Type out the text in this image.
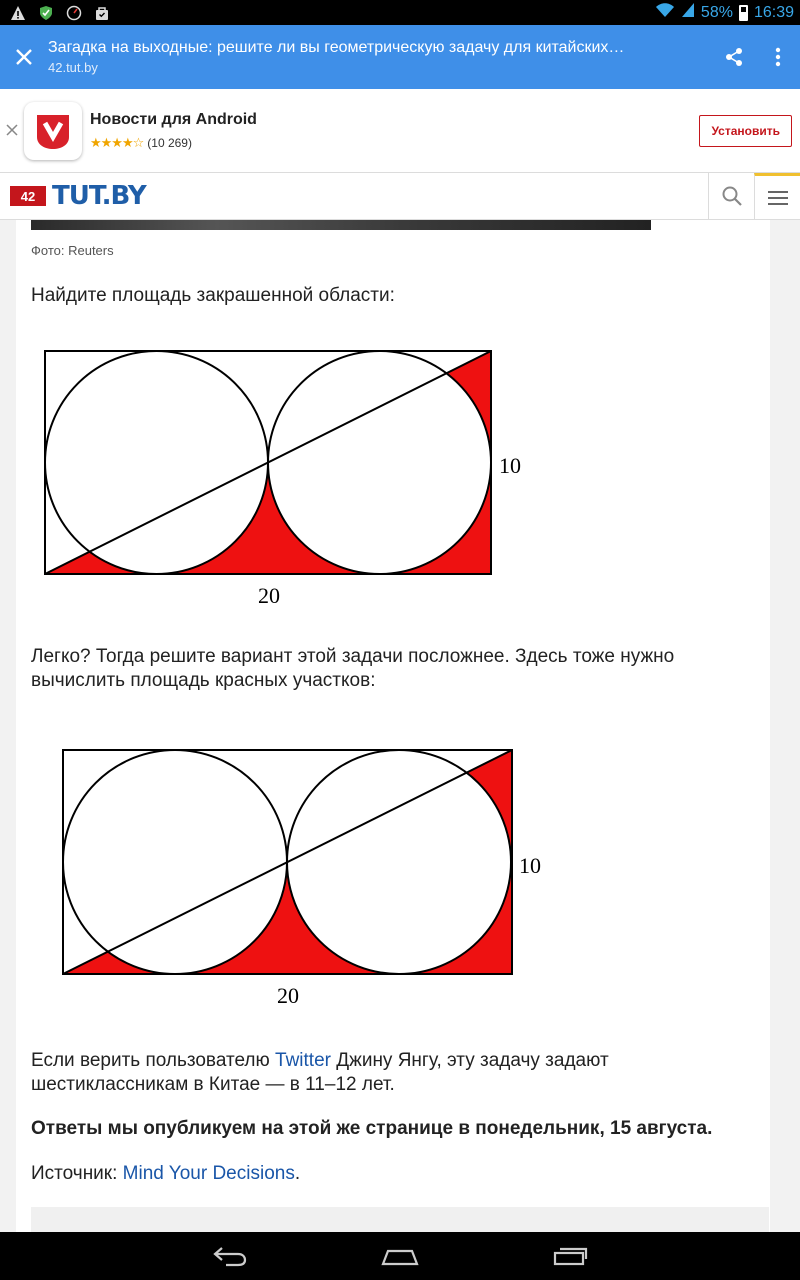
58% 16:39
Загадка на выходные: решите ли вы геометрическую задачу для китайских…
42.tut.by
Новости для Android
★★★★☆ (10 269)
Установить
42 TUT.BY
Фото: Reuters
Найдите площадь закрашенной области:
10
20
Легко? Тогда решите вариант этой задачи посложнее. Здесь тоже нужно вычислить площадь красных участков:
10
20
Если верить пользователю Twitter Джину Янгу, эту задачу задают шестиклассникам в Китае — в 11–12 лет.
Ответы мы опубликуем на этой же странице в понедельник, 15 августа.
Источник: Mind Your Decisions.
